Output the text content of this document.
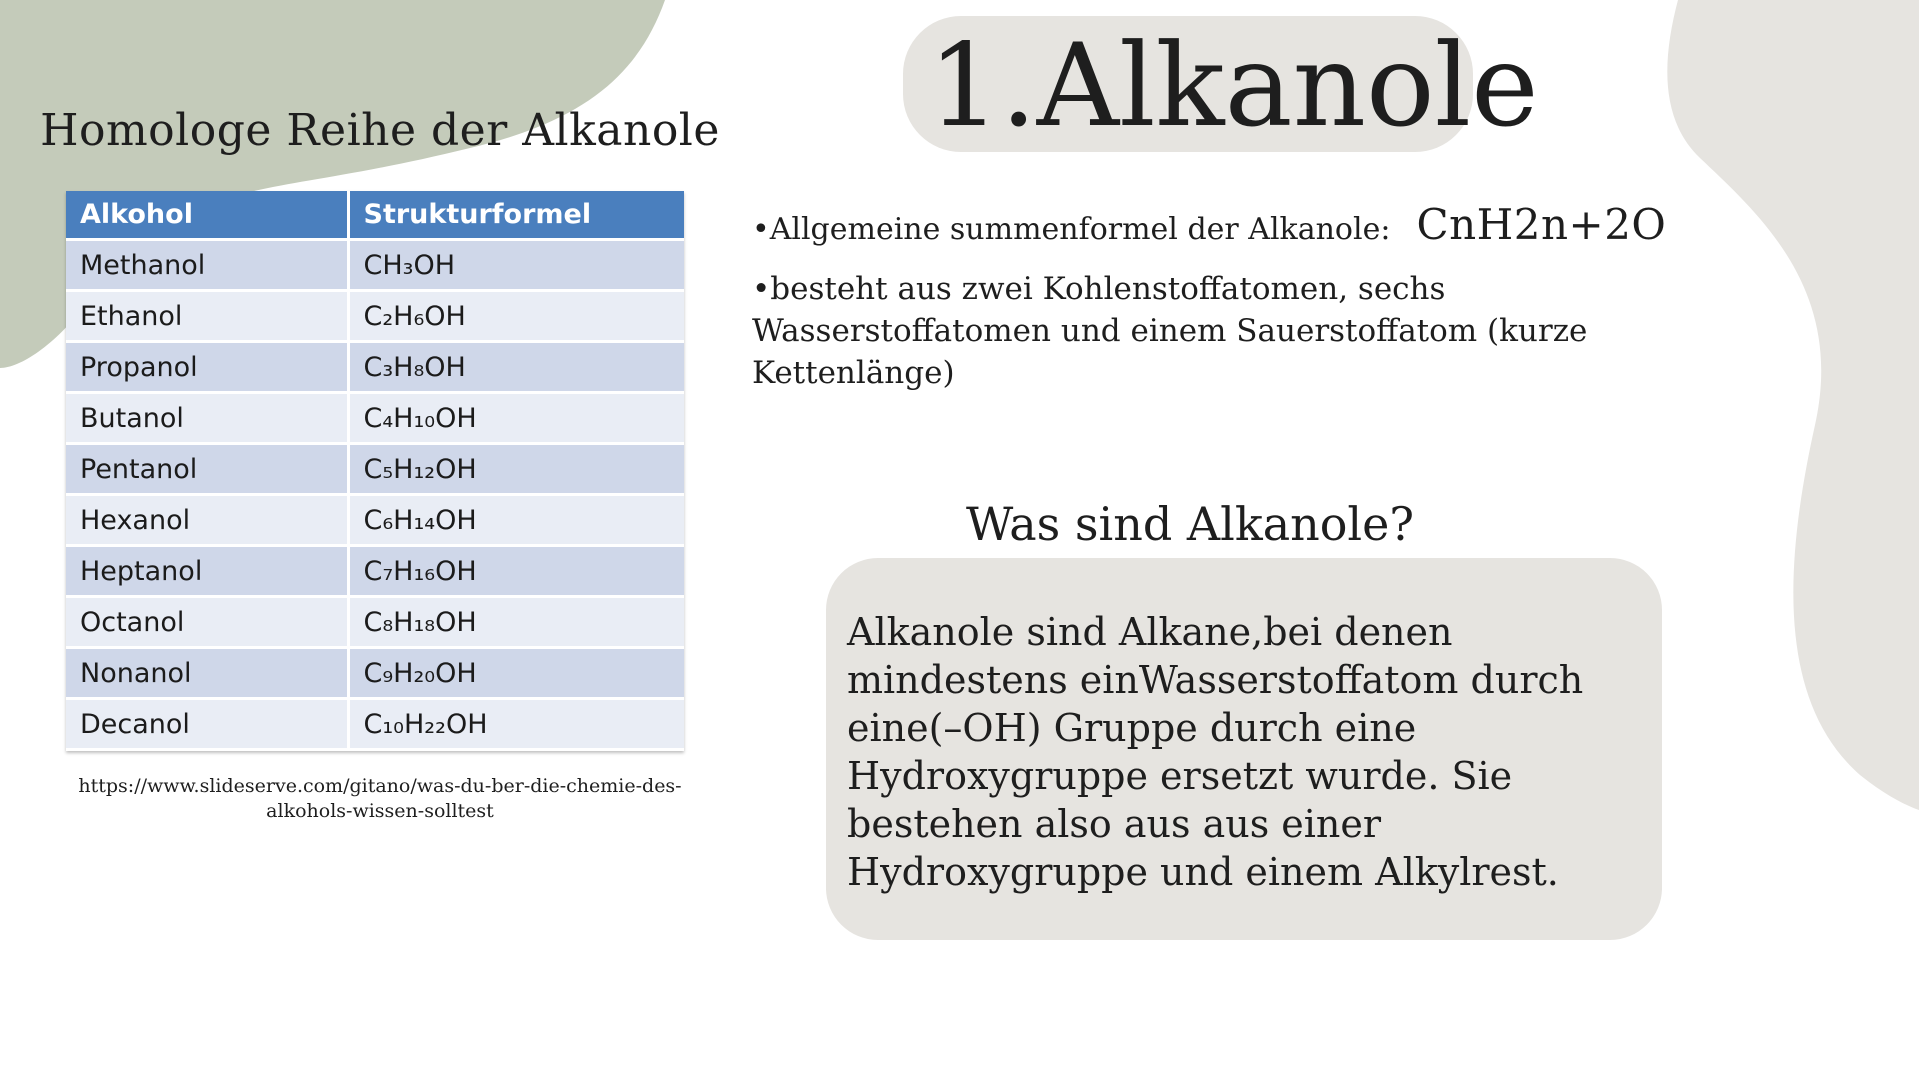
Homologe Reihe der Alkanole
Alkohol	Strukturformel
Methanol	CH₃OH
Ethanol	C₂H₆OH
Propanol	C₃H₈OH
Butanol	C₄H₁₀OH
Pentanol	C₅H₁₂OH
Hexanol	C₆H₁₄OH
Heptanol	C₇H₁₆OH
Octanol	C₈H₁₈OH
Nonanol	C₉H₂₀OH
Decanol	C₁₀H₂₂OH
https://www.slideserve.com/gitano/was-du-ber-die-chemie-des-alkohols-wissen-solltest
1.Alkanole
•Allgemeine summenformel der Alkanole: CnH2n+2O
•besteht aus zwei Kohlenstoffatomen, sechs Wasserstoffatomen und einem Sauerstoffatom (kurze Kettenlänge)
Was sind Alkanole?
Alkanole sind Alkane,bei denen mindestens einWasserstoffatom durch eine(–OH) Gruppe durch eine Hydroxygruppe ersetzt wurde. Sie bestehen also aus aus einer Hydroxygruppe und einem Alkylrest.
